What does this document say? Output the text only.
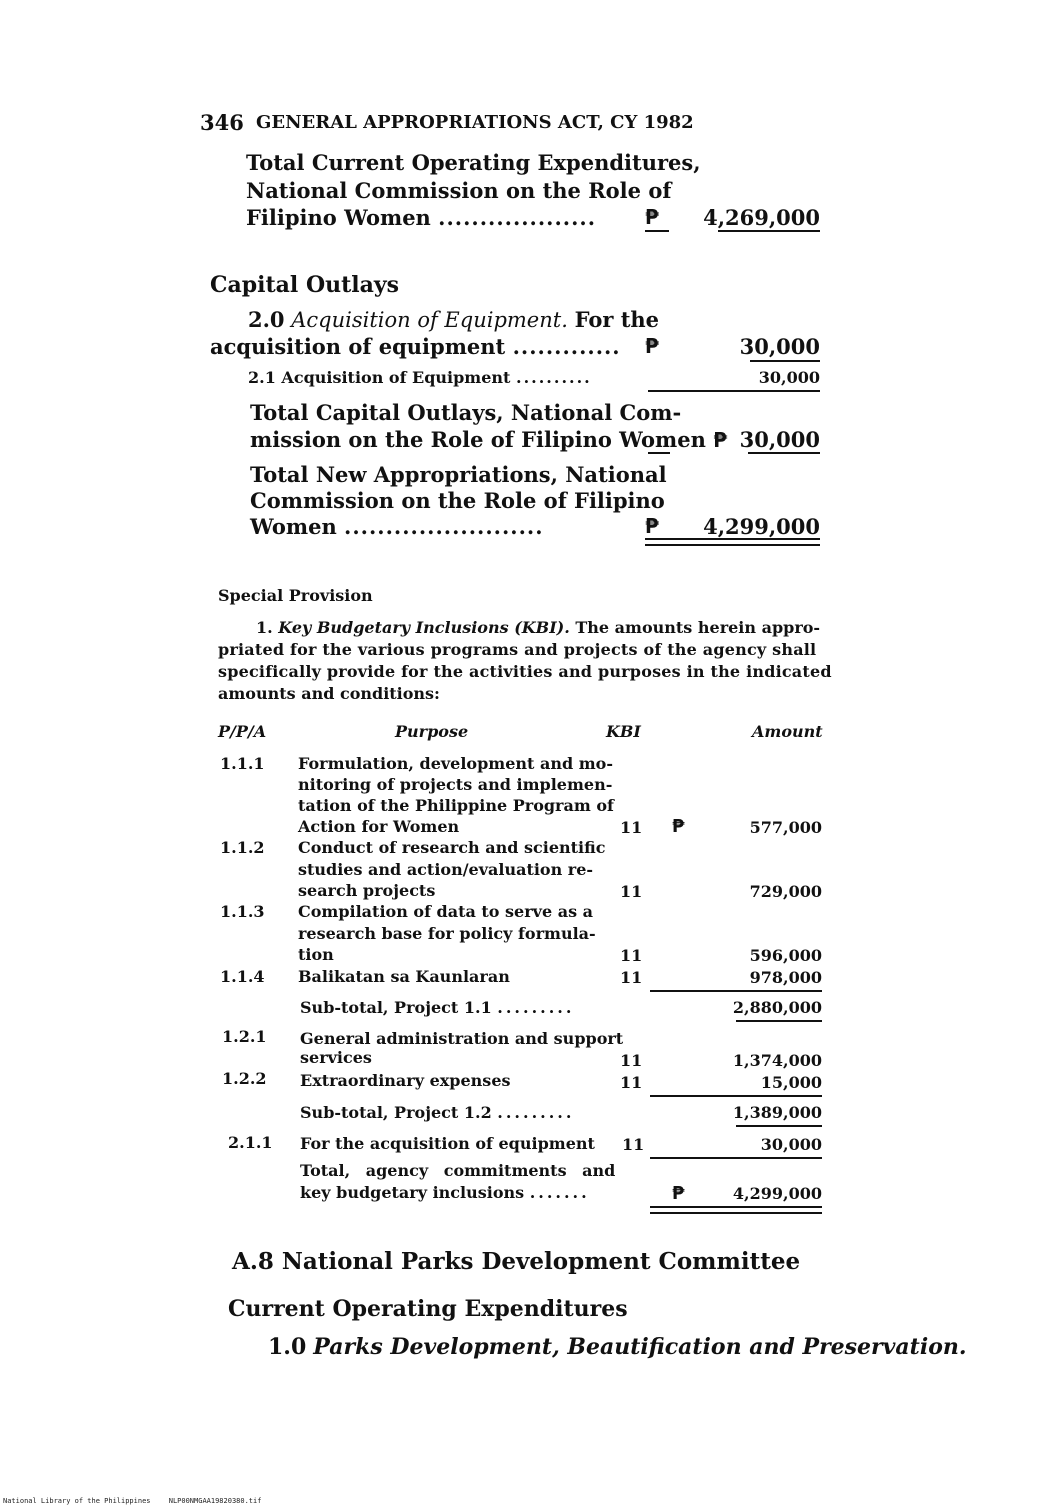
346 GENERAL APPROPRIATIONS ACT, CY 1982
Total Current Operating Expenditures,
National Commission on the Role of
Filipino Women ................... ₱	4,269,000
Capital Outlays
2.0 Acquisition of Equipment. For the
acquisition of equipment ............. ₱	30,000
2.1 Acquisition of Equipment ..........	30,000
Total Capital Outlays, National Com-
mission on the Role of Filipino Women ₱ 30,000
Total New Appropriations, National
Commission on the Role of Filipino
Women ........................	₱	4,299,000
Special Provision
1. Key Budgetary Inclusions (KBI). The amounts herein appro-
priated for the various programs and projects of the agency shall
specifically provide for the activities and purposes in the indicated
amounts and conditions:
P/P/A	Purpose	KBI	Amount
1.1.1 Formulation, development and mo-
nitoring of projects and implemen-
tation of the Philippine Program of
Action for Women	11 ₱	577,000
1.1.2 Conduct of research and scientific
studies and action/evaluation re-
search projects	11	729,000
1.1.3 Compilation of data to serve as a
research base for policy formula-
tion	11	596,000
1.1.4 Balikatan sa Kaunlaran	11	978,000
Sub-total, Project 1.1 .........	2,880,000
1.2.1 General administration and support
services	11	1,374,000
1.2.2 Extraordinary expenses	11	15,000
Sub-total, Project 1.2 .........	1,389,000
2.1.1 For the acquisition of equipment 11	30,000
Total, agency commitments and
key budgetary inclusions .......	₱	4,299,000
A.8 National Parks Development Committee
Current Operating Expenditures
1.0 Parks Development, Beautification and Preservation.
National Library of the Philippines	NLP00NMGAA19820380.tif
